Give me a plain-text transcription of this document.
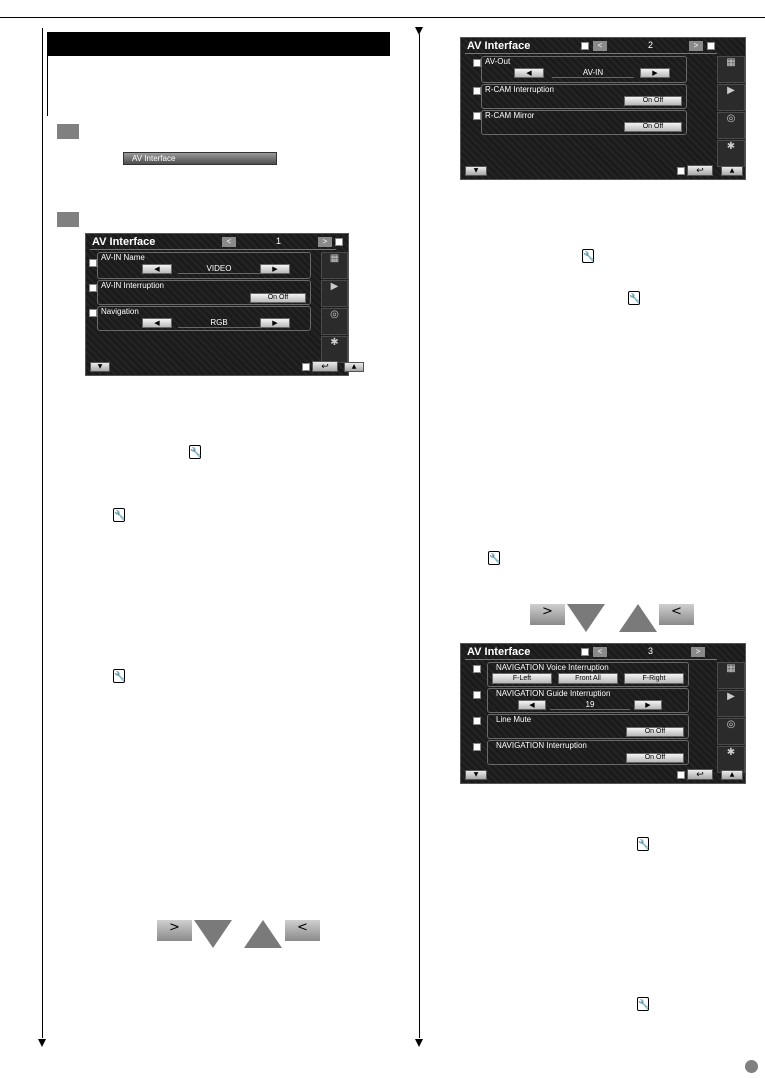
AV Interface
AV Interface	<	1	>
AV-IN Name
◀	VIDEO	▶
AV-IN Interruption
On Off
Navigation
◀	RGB	▶
▦
▶
◎
✱
▼	↩	▲
🔧
🔧
🔧
>	<
AV Interface	<	2	>
AV-Out
◀	AV-IN	▶
R-CAM Interruption
On Off
R-CAM Mirror
On Off
▦
▶
◎
✱
▼	↩	▲
🔧
🔧
🔧
>	<
AV Interface	<	3	>
NAVIGATION Voice Interruption
F-Left	Front All	F-Right
NAVIGATION Guide Interruption
◀	19	▶
Line Mute
On Off
NAVIGATION Interruption
On Off
▦
▶
◎
✱
▼	↩	▲
🔧
🔧
